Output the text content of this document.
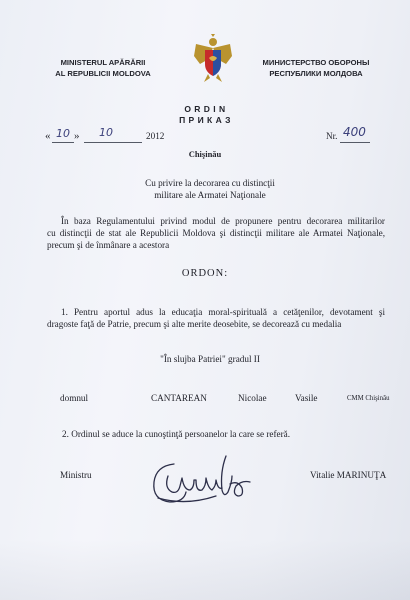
MINISTERUL APĂRĂRII
AL REPUBLICII MOLDOVA
МИНИСТЕРСТВО ОБОРОНЫ
РЕСПУБЛИКИ МОЛДОВА
O R D I N
П Р И К А З
« 10 » 10	2012	Nr. 400
Chişinău
Cu privire la decorarea cu distincţii
militare ale Armatei Naţionale
În baza Regulamentului privind modul de propunere pentru decorarea militarilor
cu distincţii de stat ale Republicii Moldova şi distincţii militare ale Armatei Naţionale,
precum şi de înmânare a acestora
ORDON:
1. Pentru aportul adus la educaţia moral-spirituală a cetăţenilor, devotament şi
dragoste faţă de Patrie, precum şi alte merite deosebite, se decorează cu medalia
"În slujba Patriei" gradul II
domnul	CANTAREAN	Nicolae	Vasile	CMM Chişinău
2. Ordinul se aduce la cunoştinţă persoanelor la care se referă.
Ministru	Vitalie MARINUŢA
